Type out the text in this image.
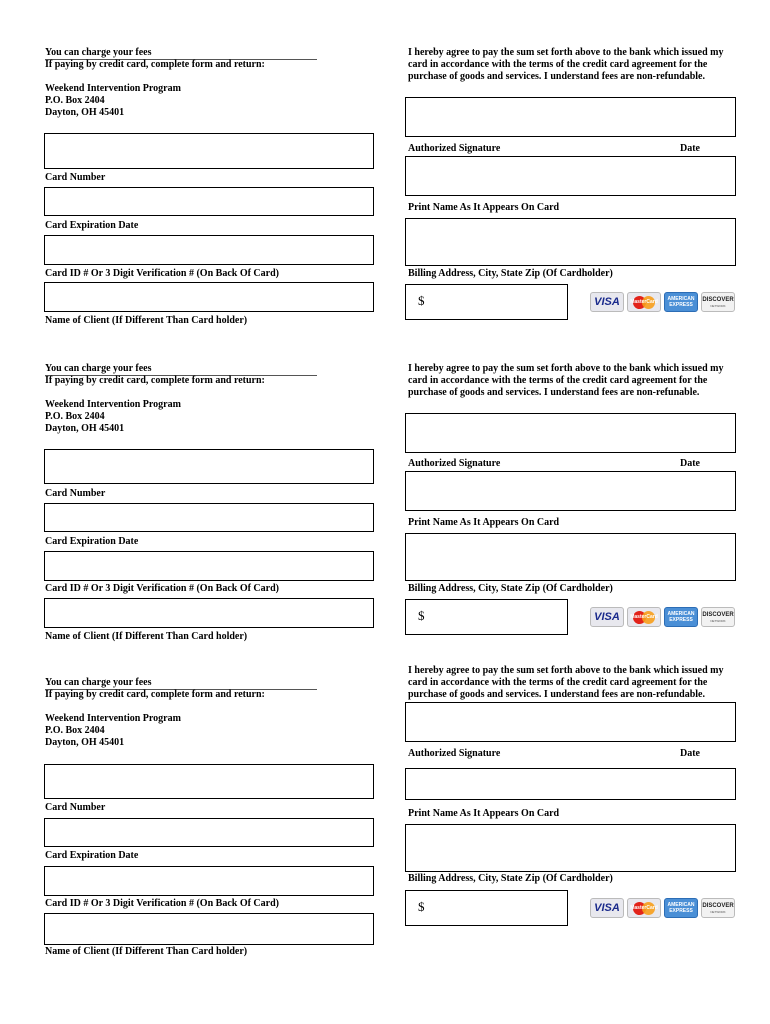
You can charge your fees
If paying by credit card, complete form and return:
Weekend Intervention Program
P.O. Box 2404
Dayton, OH 45401
Card Number
Card Expiration Date
Card ID # Or 3 Digit Verification # (On Back Of Card)
Name of Client (If Different Than Card holder)
I hereby agree to pay the sum set forth above to the bank which issued my card in accordance with the terms of the credit card agreement for the purchase of goods and services. I understand fees are non-refundable.
Authorized Signature	Date
Print Name As It Appears On Card
Billing Address, City, State Zip (Of Cardholder)
$	VISA MasterCard	AMERICAN EXPRESS
DISCOVER
NETWORK
You can charge your fees
If paying by credit card, complete form and return:
Weekend Intervention Program
P.O. Box 2404
Dayton, OH 45401
Card Number
Card Expiration Date
Card ID # Or 3 Digit Verification # (On Back Of Card)
Name of Client (If Different Than Card holder)
I hereby agree to pay the sum set forth above to the bank which issued my card in accordance with the terms of the credit card agreement for the purchase of goods and services. I understand fees are non-refunable.
Authorized Signature	Date
Print Name As It Appears On Card
Billing Address, City, State Zip (Of Cardholder)
$	VISA MasterCard	AMERICAN EXPRESS
DISCOVER
NETWORK
You can charge your fees
If paying by credit card, complete form and return:
Weekend Intervention Program
P.O. Box 2404
Dayton, OH 45401
Card Number
Card Expiration Date
Card ID # Or 3 Digit Verification # (On Back Of Card)
Name of Client (If Different Than Card holder)
I hereby agree to pay the sum set forth above to the bank which issued my card in accordance with the terms of the credit card agreement for the purchase of goods and services. I understand fees are non-refundable.
Authorized Signature	Date
Print Name As It Appears On Card
Billing Address, City, State Zip (Of Cardholder)
$	VISA MasterCard	AMERICAN EXPRESS
DISCOVER
NETWORK
